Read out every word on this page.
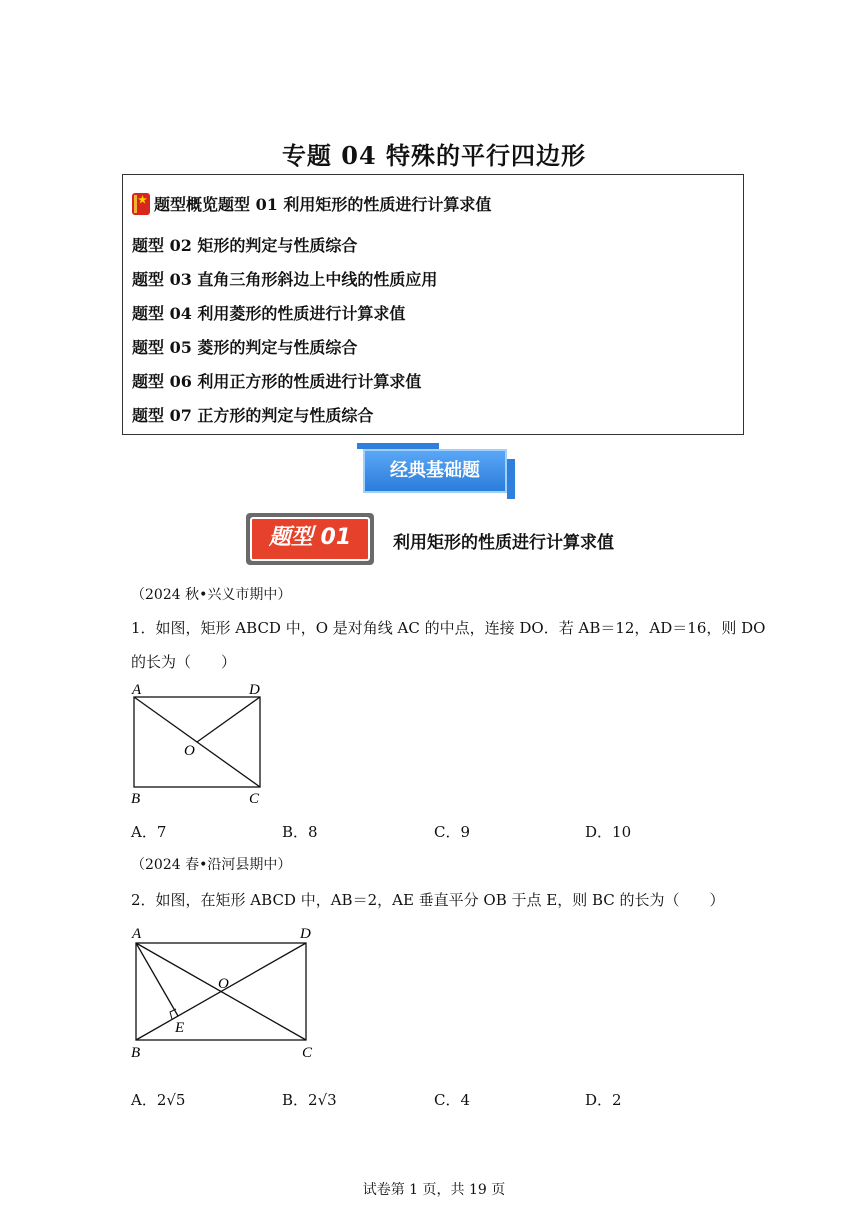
专题 04 特殊的平行四边形
★ 题型概览题型 01 利用矩形的性质进行计算求值
题型 02 矩形的判定与性质综合
题型 03 直角三角形斜边上中线的性质应用
题型 04 利用菱形的性质进行计算求值
题型 05 菱形的判定与性质综合
题型 06 利用正方形的性质进行计算求值
题型 07 正方形的判定与性质综合
经典基础题
题型 01	利用矩形的性质进行计算求值
（2024 秋•兴义市期中）
1．如图，矩形 ABCD 中，O 是对角线 AC 的中点，连接 DO．若 AB＝12，AD＝16，则 DO
的长为（　　）
A	D
B	C
O
A．7	B．8	C．9	D．10
（2024 春•沿河县期中）
2．如图，在矩形 ABCD 中，AB＝2，AE 垂直平分 OB 于点 E，则 BC 的长为（　　）
A	D
B	C
O
E
A．2√5	B．2√3	C．4	D．2
试卷第 1 页，共 19 页
